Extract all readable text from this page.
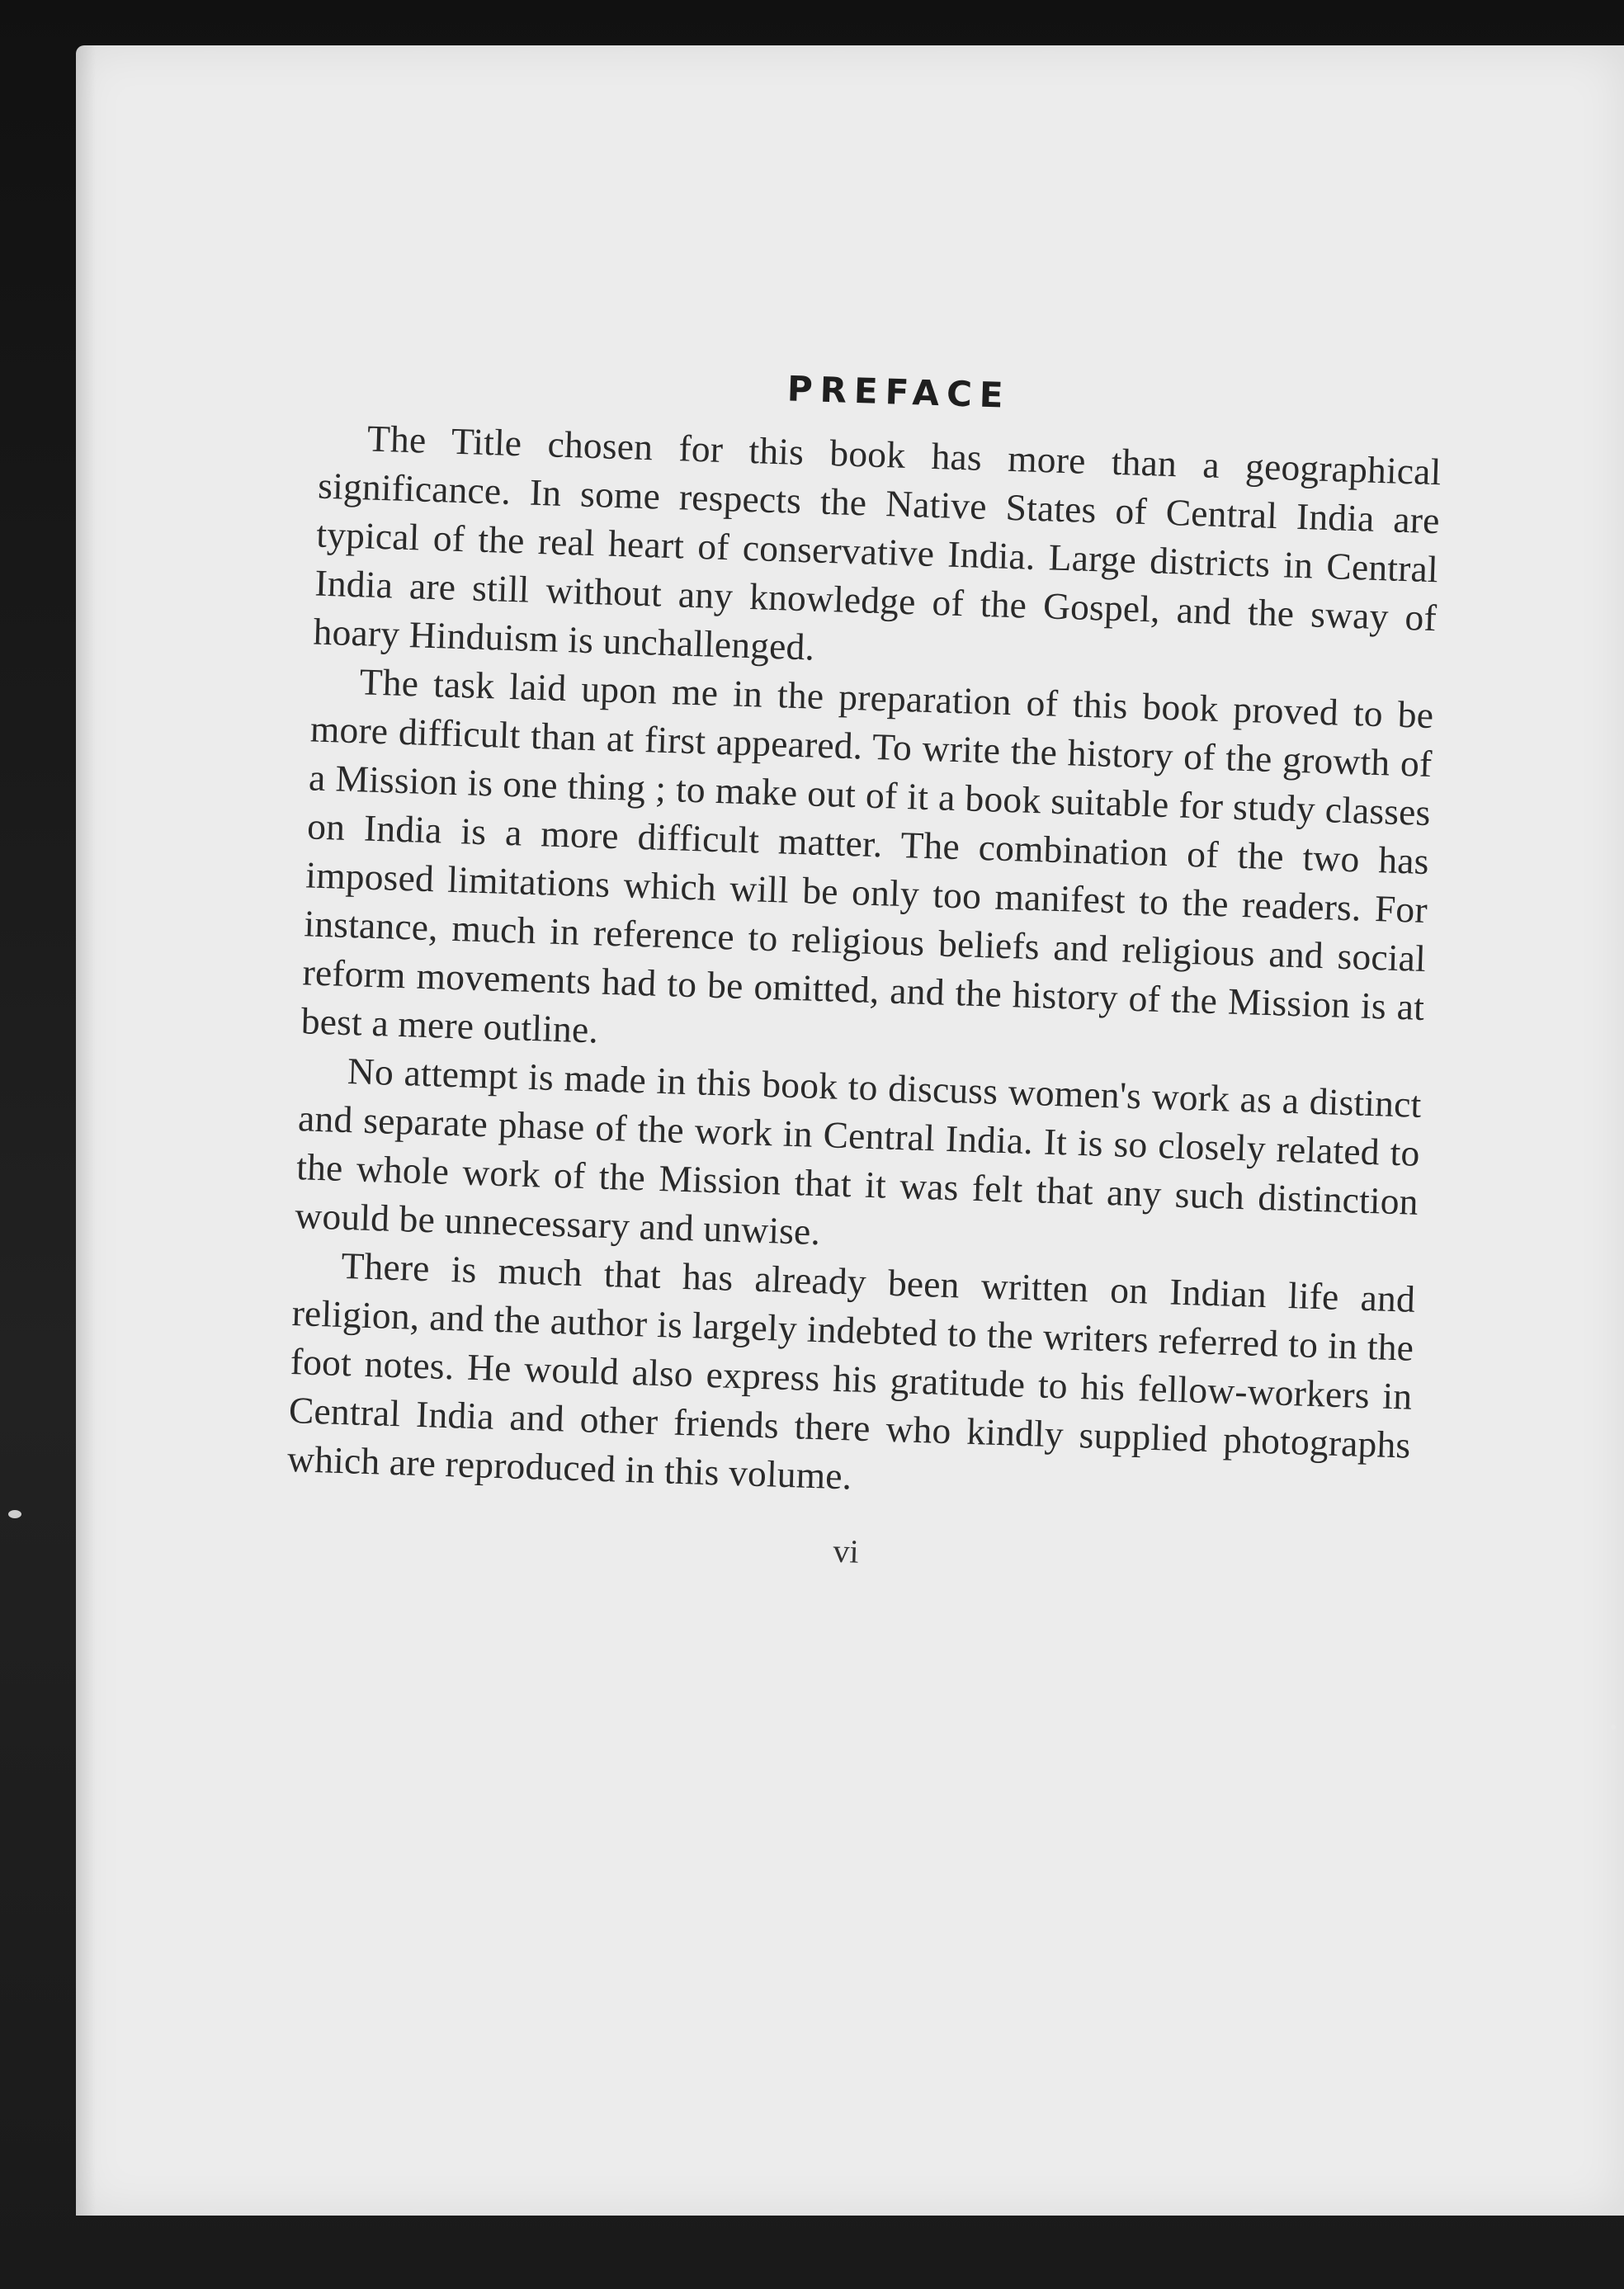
PREFACE

The Title chosen for this book has more than a geographical significance. In some respects the Native States of Central India are typical of the real heart of conservative India. Large districts in Central India are still without any knowledge of the Gospel, and the sway of hoary Hinduism is unchallenged.

The task laid upon me in the preparation of this book proved to be more difficult than at first appeared. To write the history of the growth of a Mission is one thing ; to make out of it a book suitable for study classes on India is a more difficult matter. The combination of the two has imposed limitations which will be only too manifest to the readers. For instance, much in reference to religious beliefs and religious and social reform movements had to be omitted, and the history of the Mission is at best a mere outline.

No attempt is made in this book to discuss women's work as a distinct and separate phase of the work in Central India. It is so closely related to the whole work of the Mission that it was felt that any such distinction would be unnecessary and unwise.

There is much that has already been written on Indian life and religion, and the author is largely indebted to the writers referred to in the foot notes. He would also express his gratitude to his fellow-workers in Central India and other friends there who kindly supplied photographs which are reproduced in this volume.

vi
